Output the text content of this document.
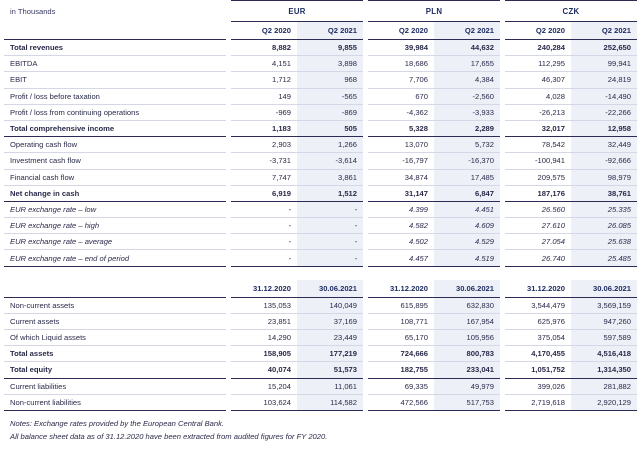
in Thousands		EUR			PLN			CZK	
		Q2 2020	Q2 2021		Q2 2020	Q2 2021		Q2 2020	Q2 2021
Total revenues		8,882	9,855		39,984	44,632		240,284	252,650
EBITDA		4,151	3,898		18,686	17,655		112,295	99,941
EBIT		1,712	968		7,706	4,384		46,307	24,819
Profit / loss before taxation		149	-565		670	-2,560		4,028	-14,490
Profit / loss from continuing operations		-969	-869		-4,362	-3,933		-26,213	-22,266
Total comprehensive income		1,183	505		5,328	2,289		32,017	12,958
Operating cash flow		2,903	1,266		13,070	5,732		78,542	32,449
Investment cash flow		-3,731	-3,614		-16,797	-16,370		-100,941	-92,666
Financial cash flow		7,747	3,861		34,874	17,485		209,575	98,979
Net change in cash		6,919	1,512		31,147	6,847		187,176	38,761
EUR exchange rate – low		-	-		4.399	4.451		26.560	25.335
EUR exchange rate – high		-	-		4.582	4.609		27.610	26.085
EUR exchange rate – average		-	-		4.502	4.529		27.054	25.638
EUR exchange rate – end of period		-	-		4.457	4.519		26.740	25.485

		31.12.2020	30.06.2021		31.12.2020	30.06.2021		31.12.2020	30.06.2021
Non-current assets		135,053	140,049		615,895	632,830		3,544,479	3,569,159
Current assets		23,851	37,169		108,771	167,954		625,976	947,260
Of which Liquid assets		14,290	23,449		65,170	105,956		375,054	597,589
Total assets		158,905	177,219		724,666	800,783		4,170,455	4,516,418
Total equity		40,074	51,573		182,755	233,041		1,051,752	1,314,350
Current liabilities		15,204	11,061		69,335	49,979		399,026	281,882
Non-current liabilities		103,624	114,582		472,566	517,753		2,719,618	2,920,129
Notes: Exchange rates provided by the European Central Bank.
All balance sheet data as of 31.12.2020 have been extracted from audited figures for FY 2020.
